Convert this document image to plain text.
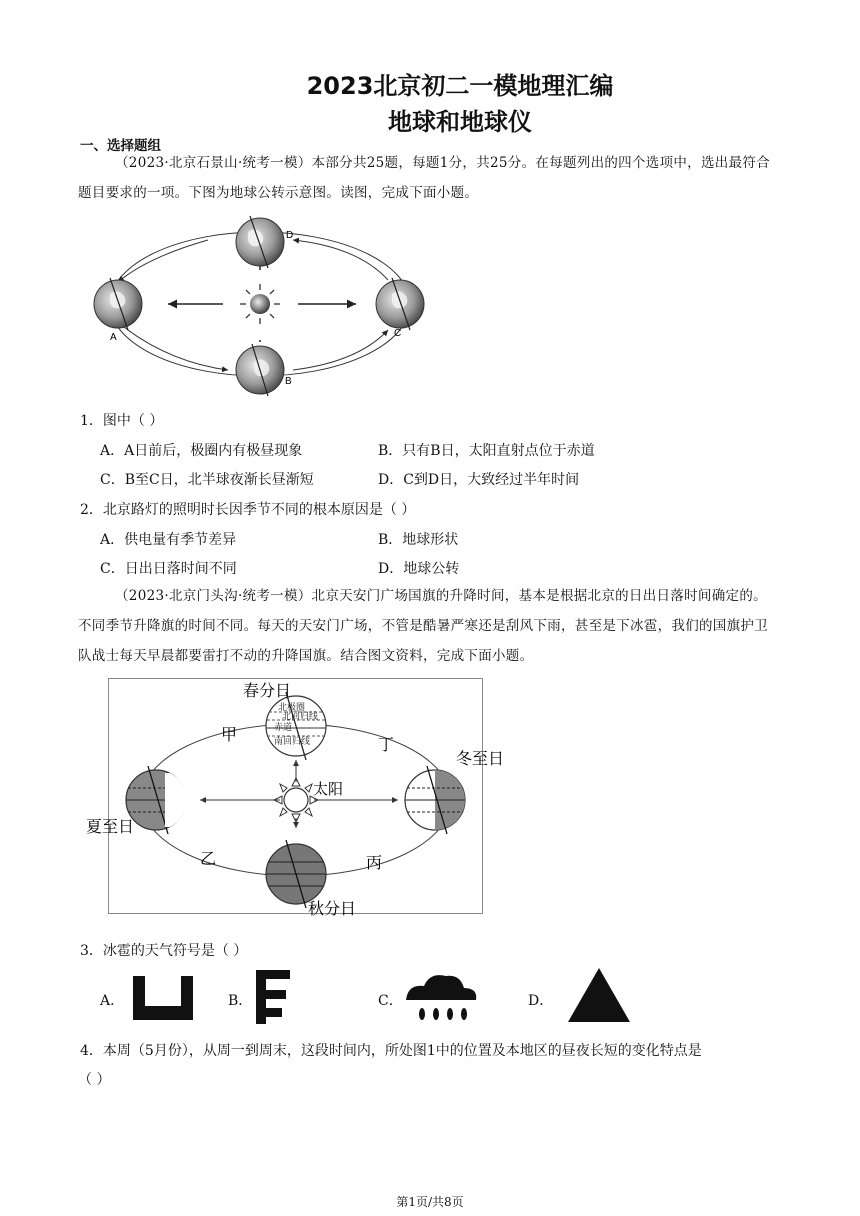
2023北京初二一模地理汇编
地球和地球仪
一、选择题组
（2023·北京石景山·统考一模）本部分共25题，每题1分，共25分。在每题列出的四个选项中，选出最符合题目要求的一项。下图为地球公转示意图。读图，完成下面小题。
D
A
B
C
1．图中（ ）
A．A日前后，极圈内有极昼现象	B．只有B日，太阳直射点位于赤道
C．B至C日，北半球夜渐长昼渐短	D．C到D日，大致经过半年时间
2．北京路灯的照明时长因季节不同的根本原因是（ ）
A．供电量有季节差异	B．地球形状
C．日出日落时间不同	D．地球公转
（2023·北京门头沟·统考一模）北京天安门广场国旗的升降时间，基本是根据北京的日出日落时间确定的。不同季节升降旗的时间不同。每天的天安门广场，不管是酷暑严寒还是刮风下雨，甚至是下冰雹，我们的国旗护卫队战士每天早晨都要雷打不动的升降国旗。结合图文资料，完成下面小题。
北极圈
北回归线
赤道
南回归线
春分日
夏至日
秋分日
冬至日
太阳
甲
乙	丙
丁
3．冰雹的天气符号是（ ）
A．	B．	C．	D．
4．本周（5月份），从周一到周末，这段时间内，所处图1中的位置及本地区的昼夜长短的变化特点是
（ ）
第1页/共8页
